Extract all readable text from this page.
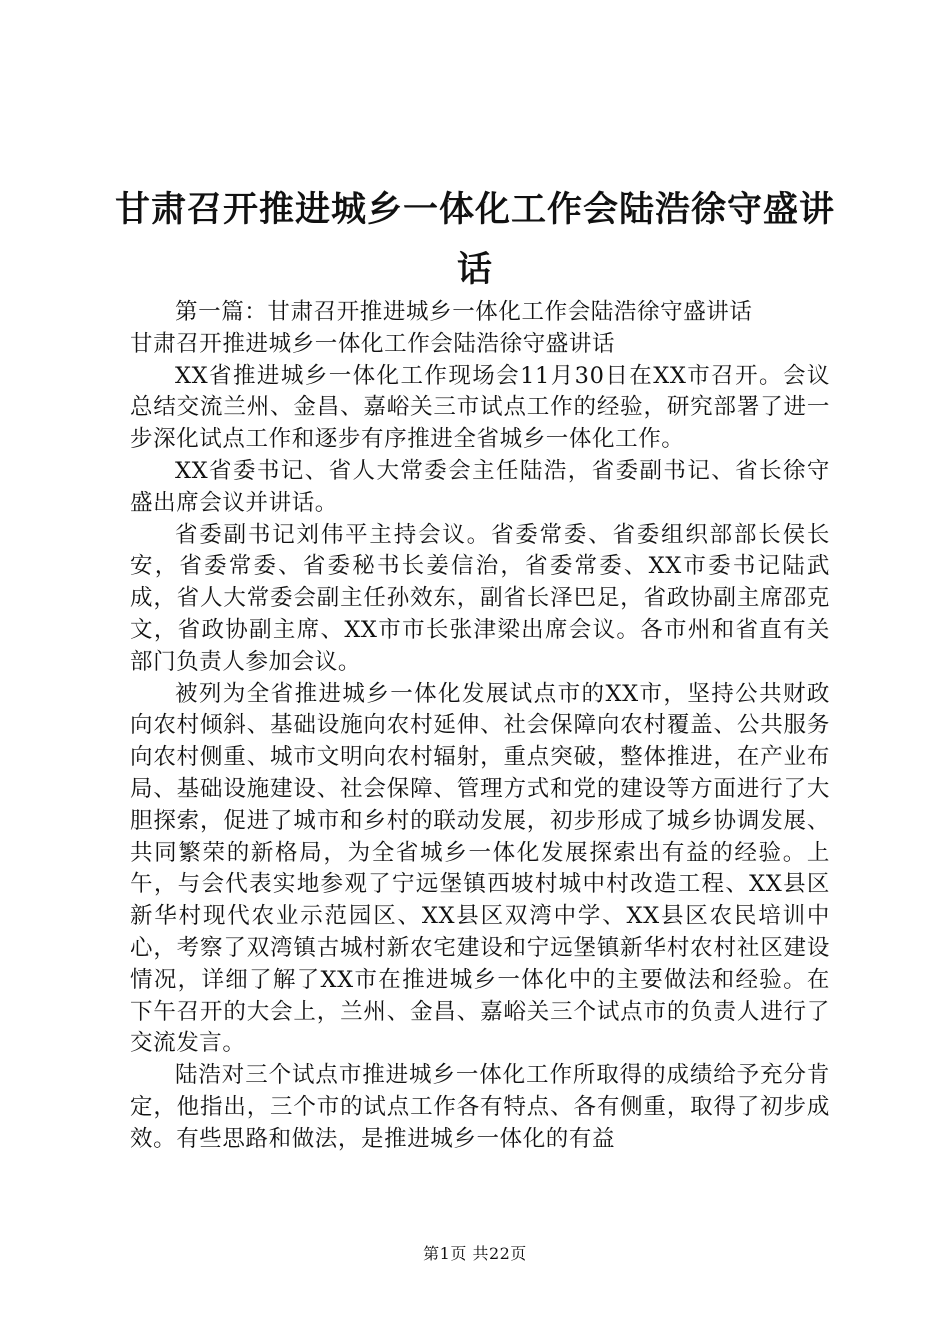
甘肃召开推进城乡一体化工作会陆浩徐守盛讲话

第一篇：甘肃召开推进城乡一体化工作会陆浩徐守盛讲话

甘肃召开推进城乡一体化工作会陆浩徐守盛讲话

XX省推进城乡一体化工作现场会11月30日在XX市召开。会议总结交流兰州、金昌、嘉峪关三市试点工作的经验，研究部署了进一步深化试点工作和逐步有序推进全省城乡一体化工作。

XX省委书记、省人大常委会主任陆浩，省委副书记、省长徐守盛出席会议并讲话。

省委副书记刘伟平主持会议。省委常委、省委组织部部长侯长安，省委常委、省委秘书长姜信治，省委常委、XX市委书记陆武成，省人大常委会副主任孙效东，副省长泽巴足，省政协副主席邵克文，省政协副主席、XX市市长张津梁出席会议。各市州和省直有关部门负责人参加会议。

被列为全省推进城乡一体化发展试点市的XX市，坚持公共财政向农村倾斜、基础设施向农村延伸、社会保障向农村覆盖、公共服务向农村侧重、城市文明向农村辐射，重点突破，整体推进，在产业布局、基础设施建设、社会保障、管理方式和党的建设等方面进行了大胆探索，促进了城市和乡村的联动发展，初步形成了城乡协调发展、共同繁荣的新格局，为全省城乡一体化发展探索出有益的经验。上午，与会代表实地参观了宁远堡镇西坡村城中村改造工程、XX县区新华村现代农业示范园区、XX县区双湾中学、XX县区农民培训中心，考察了双湾镇古城村新农宅建设和宁远堡镇新华村农村社区建设情况，详细了解了XX市在推进城乡一体化中的主要做法和经验。在下午召开的大会上，兰州、金昌、嘉峪关三个试点市的负责人进行了交流发言。

陆浩对三个试点市推进城乡一体化工作所取得的成绩给予充分肯定，他指出，三个市的试点工作各有特点、各有侧重，取得了初步成效。有些思路和做法，是推进城乡一体化的有益

第1页 共22页
